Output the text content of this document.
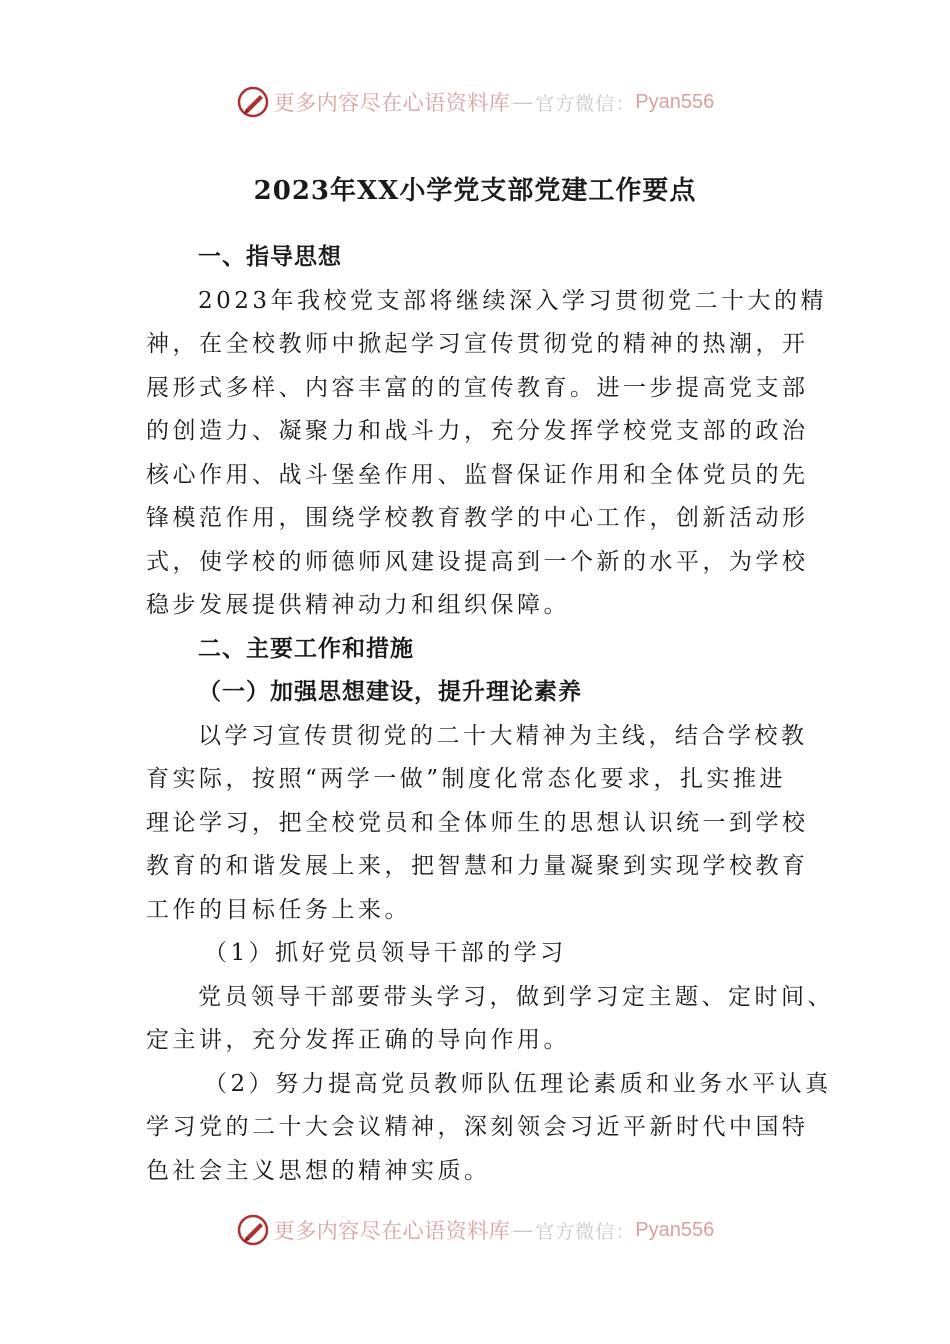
更多内容尽在心语资料库 — 官方微信： Pyan556
2023年XX小学党支部党建工作要点
一、指导思想
2023年我校党支部将继续深入学习贯彻党二十大的精
神，在全校教师中掀起学习宣传贯彻党的精神的热潮，开
展形式多样、内容丰富的的宣传教育。进一步提高党支部
的创造力、凝聚力和战斗力，充分发挥学校党支部的政治
核心作用、战斗堡垒作用、监督保证作用和全体党员的先
锋模范作用，围绕学校教育教学的中心工作，创新活动形
式，使学校的师德师风建设提高到一个新的水平，为学校
稳步发展提供精神动力和组织保障。
二、主要工作和措施
（一）加强思想建设，提升理论素养
以学习宣传贯彻党的二十大精神为主线，结合学校教
育实际，按照“两学一做”制度化常态化要求，扎实推进
理论学习，把全校党员和全体师生的思想认识统一到学校
教育的和谐发展上来，把智慧和力量凝聚到实现学校教育
工作的目标任务上来。
（1）抓好党员领导干部的学习
党员领导干部要带头学习，做到学习定主题、定时间、
定主讲，充分发挥正确的导向作用。
（2）努力提高党员教师队伍理论素质和业务水平认真
学习党的二十大会议精神，深刻领会习近平新时代中国特
色社会主义思想的精神实质。
更多内容尽在心语资料库 — 官方微信： Pyan556
